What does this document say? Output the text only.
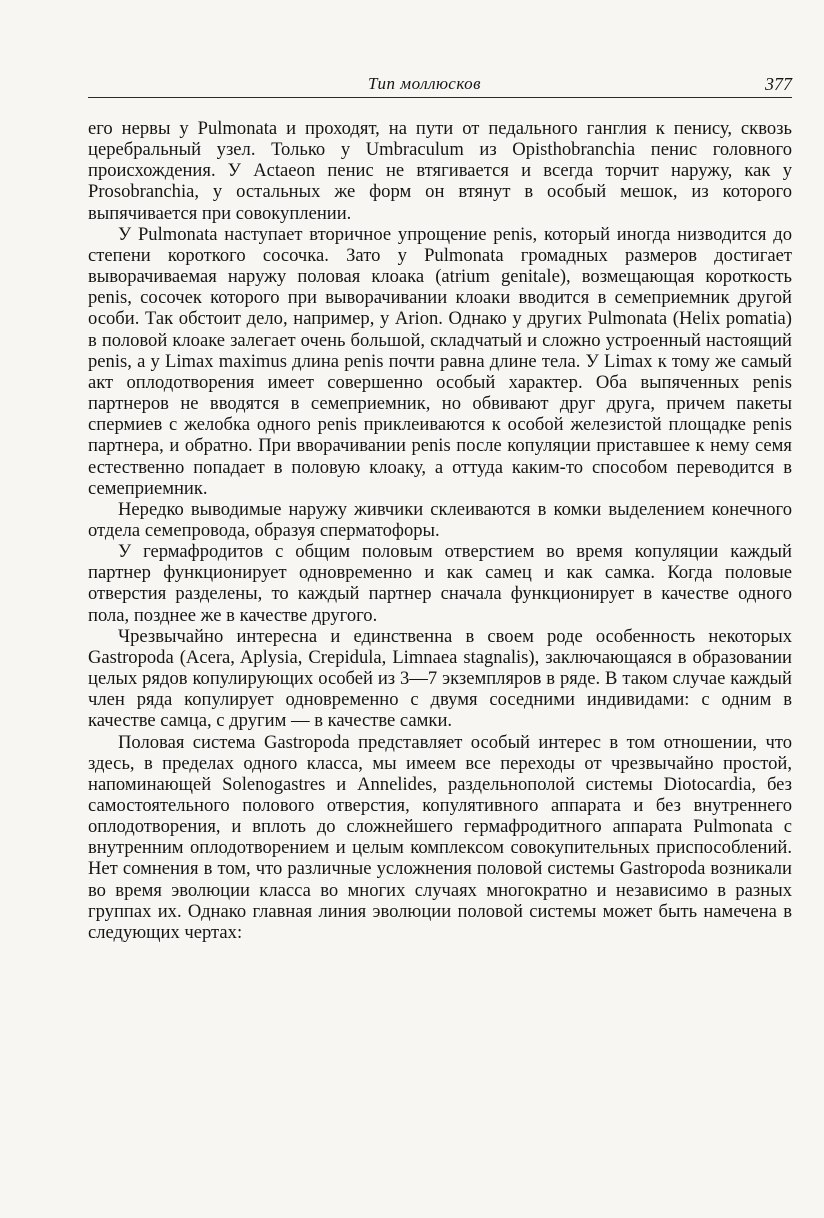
Тип моллюсков	377

его нервы у Pulmonata и проходят, на пути от педального ганглия к пенису, сквозь церебральный узел. Только у Umbraculum из Opisthobranchia пенис головного происхождения. У Actaeon пенис не втягивается и всегда торчит наружу, как у Prosobranchia, у остальных же форм он втянут в особый мешок, из которого выпячивается при совокуплении.

У Pulmonata наступает вторичное упрощение penis, который иногда низводится до степени короткого сосочка. Зато у Pulmonata громадных размеров достигает выворачиваемая наружу половая клоака (atrium genitale), возмещающая короткость penis, сосочек которого при выворачивании клоаки вводится в семеприемник другой особи. Так обстоит дело, например, у Arion. Однако у других Pulmonata (Helix pomatia) в половой клоаке залегает очень большой, складчатый и сложно устроенный настоящий penis, а у Limax maximus длина penis почти равна длине тела. У Limax к тому же самый акт оплодотворения имеет совершенно особый характер. Оба выпяченных penis партнеров не вводятся в семеприемник, но обвивают друг друга, причем пакеты спермиев с желобка одного penis приклеиваются к особой железистой площадке penis партнера, и обратно. При вворачивании penis после копуляции приставшее к нему семя естественно попадает в половую клоаку, а оттуда каким-то способом переводится в семеприемник.

Нередко выводимые наружу живчики склеиваются в комки выделением конечного отдела семепровода, образуя сперматофоры.

У гермафродитов с общим половым отверстием во время копуляции каждый партнер функционирует одновременно и как самец и как самка. Когда половые отверстия разделены, то каждый партнер сначала функционирует в качестве одного пола, позднее же в качестве другого.

Чрезвычайно интересна и единственна в своем роде особенность некоторых Gastropoda (Acera, Aplysia, Crepidula, Limnaea stagnalis), заключающаяся в образовании целых рядов копулирующих особей из 3—7 экземпляров в ряде. В таком случае каждый член ряда копулирует одновременно с двумя соседними индивидами: с одним в качестве самца, с другим — в качестве самки.

Половая система Gastropoda представляет особый интерес в том отношении, что здесь, в пределах одного класса, мы имеем все переходы от чрезвычайно простой, напоминающей Solenogastres и Annelides, раздельнополой системы Diotocardia, без самостоятельного полового отверстия, копулятивного аппарата и без внутреннего оплодотворения, и вплоть до сложнейшего гермафродитного аппарата Pulmonata с внутренним оплодотворением и целым комплексом совокупительных приспособлений. Нет сомнения в том, что различные усложнения половой системы Gastropoda возникали во время эволюции класса во многих случаях многократно и независимо в разных группах их. Однако главная линия эволюции половой системы может быть намечена в следующих чертах:
